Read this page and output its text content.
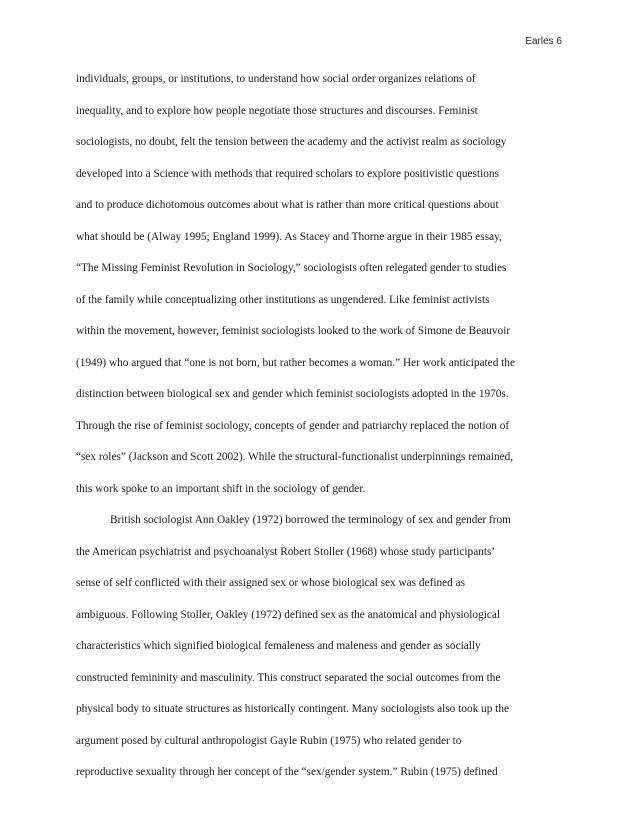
Earles 6
individuals, groups, or institutions, to understand how social order organizes relations of
inequality, and to explore how people negotiate those structures and discourses. Feminist
sociologists, no doubt, felt the tension between the academy and the activist realm as sociology
developed into a Science with methods that required scholars to explore positivistic questions
and to produce dichotomous outcomes about what is rather than more critical questions about
what should be (Alway 1995; England 1999). As Stacey and Thorne argue in their 1985 essay,
“The Missing Feminist Revolution in Sociology,” sociologists often relegated gender to studies
of the family while conceptualizing other institutions as ungendered. Like feminist activists
within the movement, however, feminist sociologists looked to the work of Simone de Beauvoir
(1949) who argued that “one is not born, but rather becomes a woman.” Her work anticipated the
distinction between biological sex and gender which feminist sociologists adopted in the 1970s.
Through the rise of feminist sociology, concepts of gender and patriarchy replaced the notion of
“sex roles” (Jackson and Scott 2002). While the structural-functionalist underpinnings remained,
this work spoke to an important shift in the sociology of gender.
British sociologist Ann Oakley (1972) borrowed the terminology of sex and gender from
the American psychiatrist and psychoanalyst Robert Stoller (1968) whose study participants’
sense of self conflicted with their assigned sex or whose biological sex was defined as
ambiguous. Following Stoller, Oakley (1972) defined sex as the anatomical and physiological
characteristics which signified biological femaleness and maleness and gender as socially
constructed femininity and masculinity. This construct separated the social outcomes from the
physical body to situate structures as historically contingent. Many sociologists also took up the
argument posed by cultural anthropologist Gayle Rubin (1975) who related gender to
reproductive sexuality through her concept of the “sex/gender system.” Rubin (1975) defined
